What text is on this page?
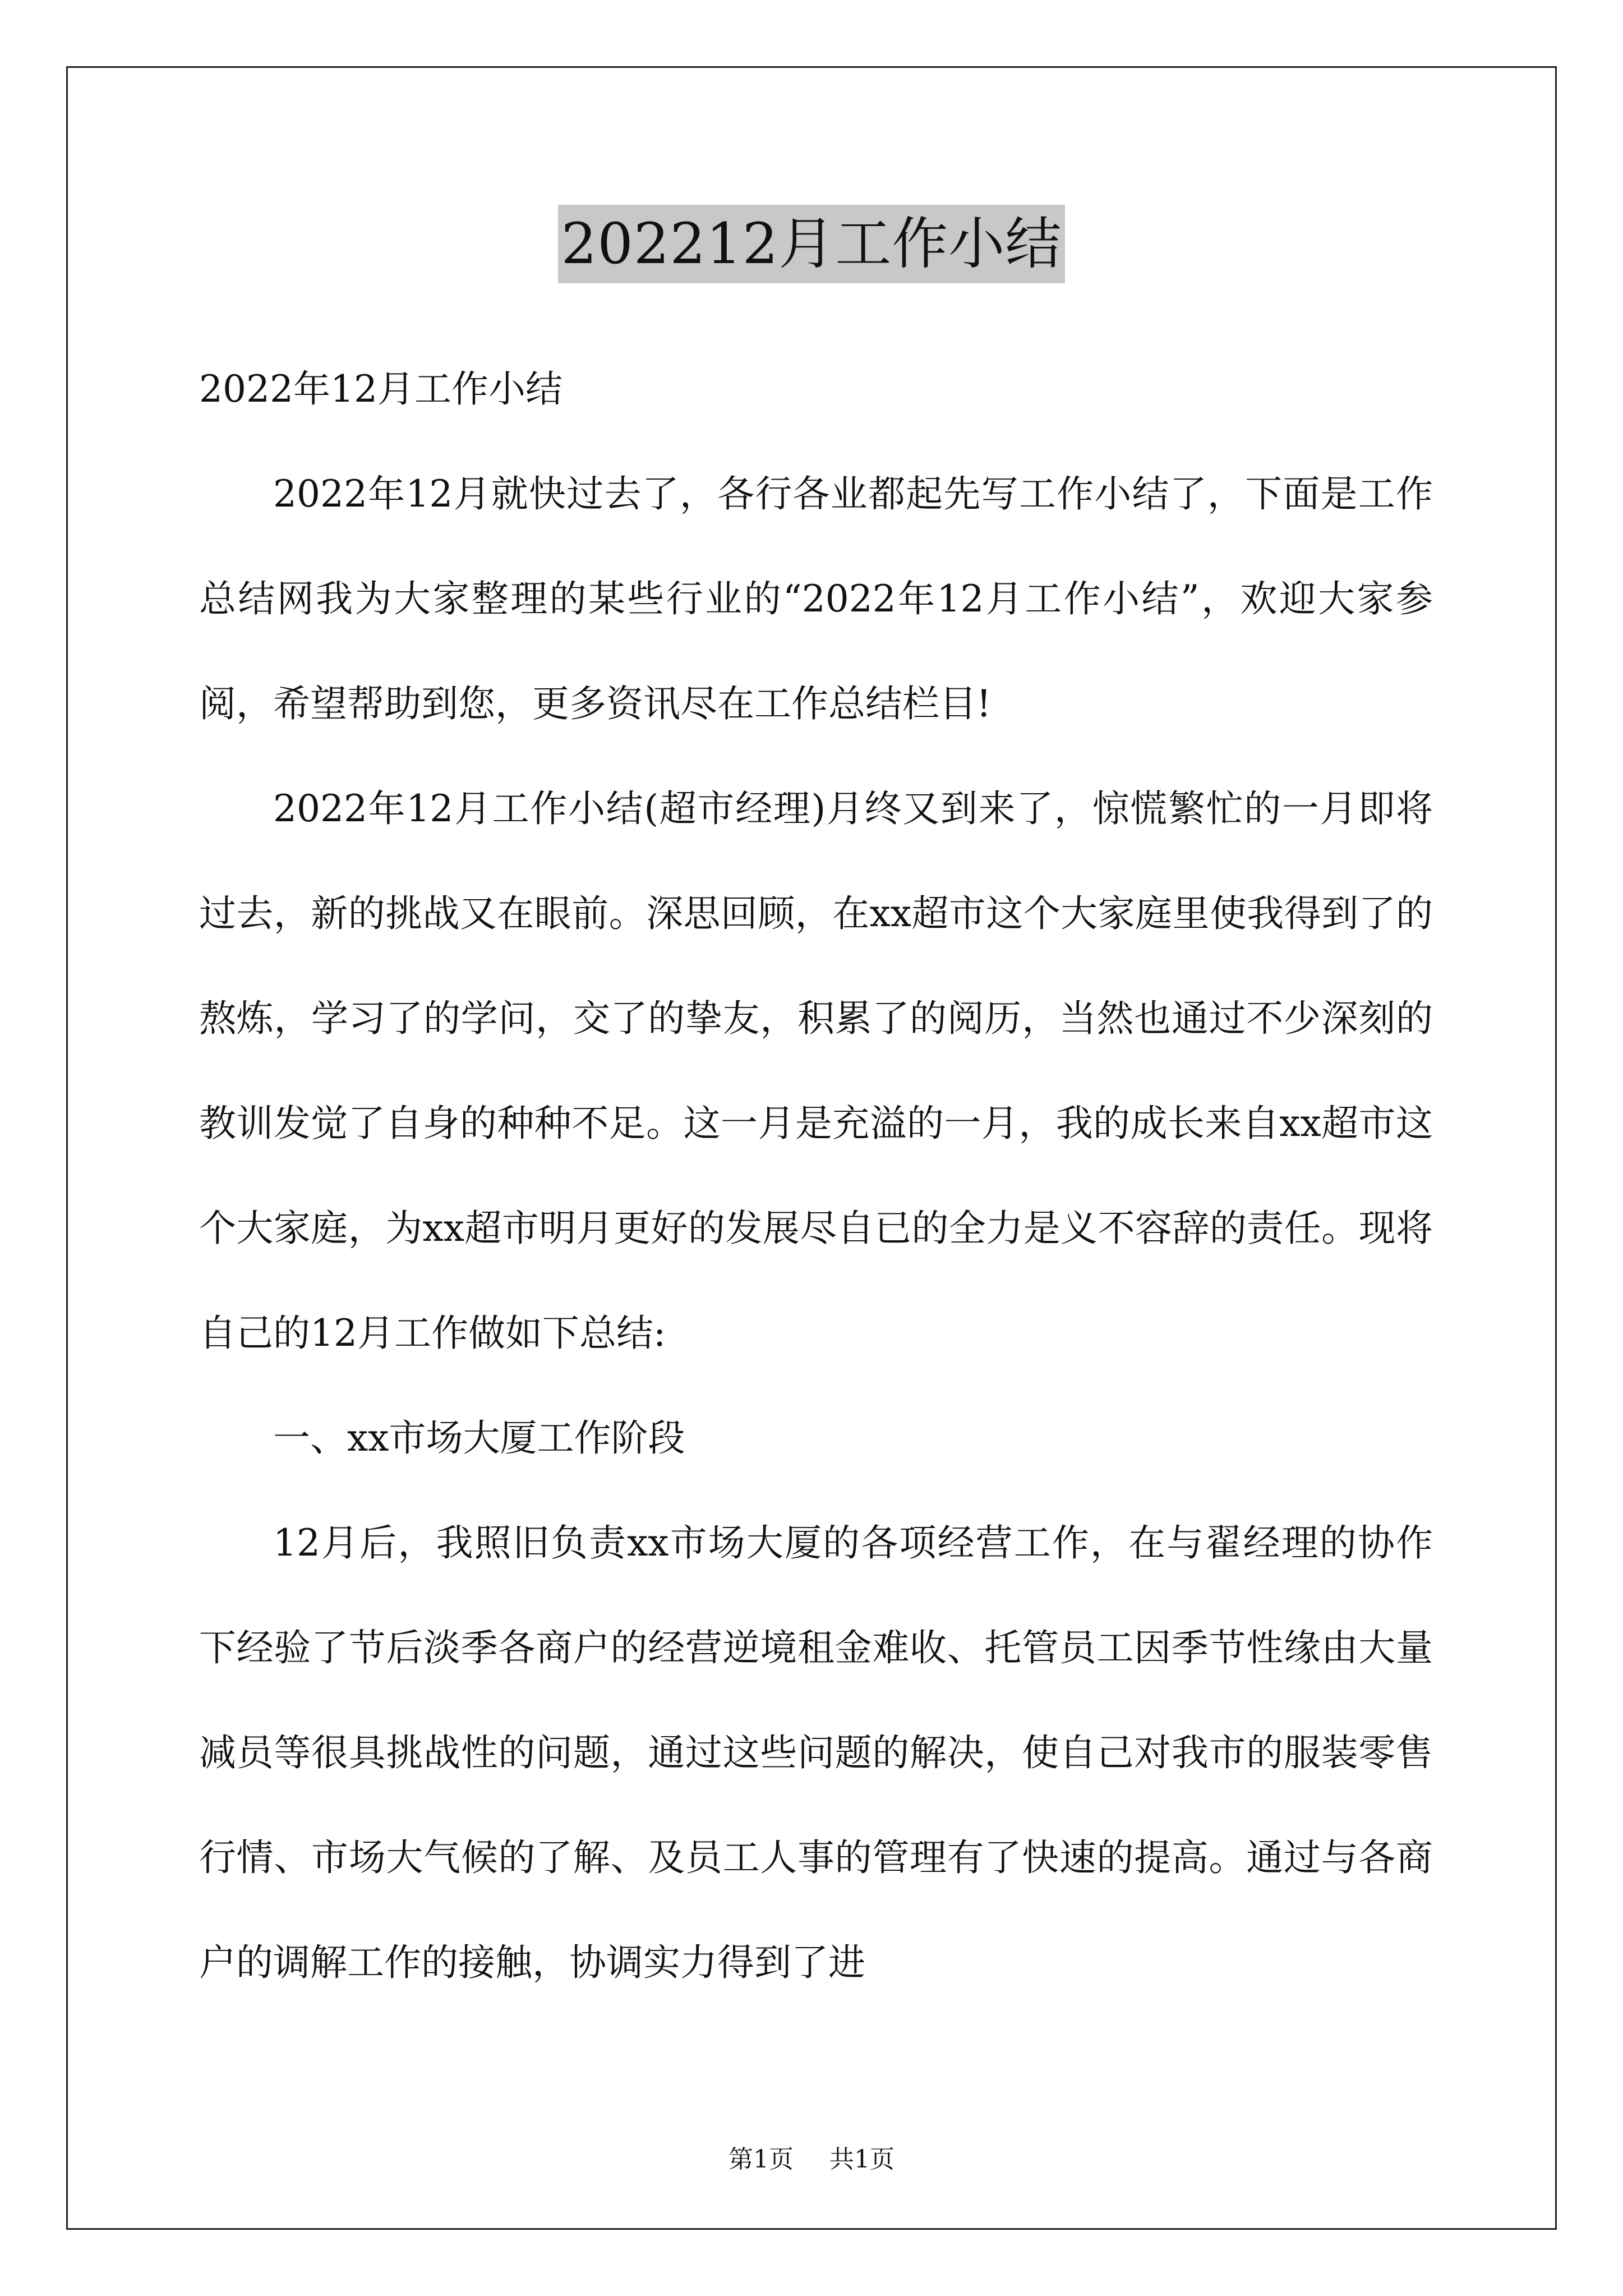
202212月工作小结

2022年12月工作小结

2022年12月就快过去了，各行各业都起先写工作小结了，下面是工作总结网我为大家整理的某些行业的“2022年12月工作小结”，欢迎大家参阅，希望帮助到您，更多资讯尽在工作总结栏目!

2022年12月工作小结(超市经理)月终又到来了，惊慌繁忙的一月即将过去，新的挑战又在眼前。深思回顾，在xx超市这个大家庭里使我得到了的熬炼，学习了的学问，交了的挚友，积累了的阅历，当然也通过不少深刻的教训发觉了自身的种种不足。这一月是充溢的一月，我的成长来自xx超市这个大家庭，为xx超市明月更好的发展尽自已的全力是义不容辞的责任。现将自己的12月工作做如下总结:

一、xx市场大厦工作阶段

12月后，我照旧负责xx市场大厦的各项经营工作，在与翟经理的协作下经验了节后淡季各商户的经营逆境租金难收、托管员工因季节性缘由大量减员等很具挑战性的问题，通过这些问题的解决，使自己对我市的服装零售行情、市场大气候的了解、及员工人事的管理有了快速的提高。通过与各商户的调解工作的接触，协调实力得到了进

第1页 共1页
